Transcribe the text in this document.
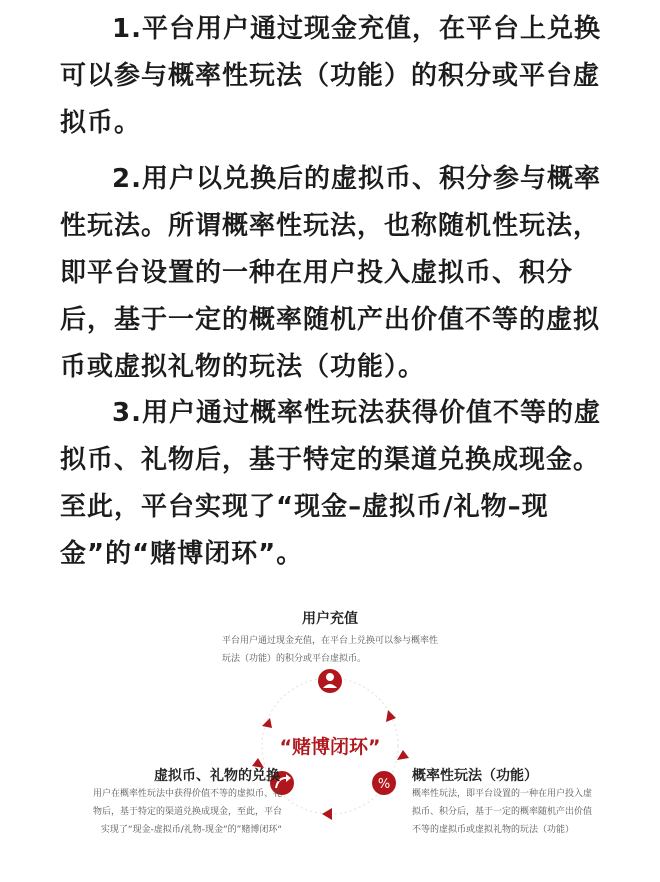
1.平台用户通过现金充值，在平台上兑换可以参与概率性玩法（功能）的积分或平台虚拟币。

2.用户以兑换后的虚拟币、积分参与概率性玩法。所谓概率性玩法，也称随机性玩法，即平台设置的一种在用户投入虚拟币、积分后，基于一定的概率随机产出价值不等的虚拟币或虚拟礼物的玩法（功能）。

3.用户通过概率性玩法获得价值不等的虚拟币、礼物后，基于特定的渠道兑换成现金。至此，平台实现了“现金–虚拟币/礼物–现金”的“赌博闭环”。

%
用户充值
平台用户通过现金充值，在平台上兑换可以参与概率性玩法（功能）的积分或平台虚拟币。
“赌博闭环”
虚拟币、礼物的兑换
用户在概率性玩法中获得价值不等的虚拟币、礼物后，基于特定的渠道兑换成现金，至此，平台实现了“现金-虚拟币/礼物-现金“的”赌博闭环“
概率性玩法（功能）
概率性玩法，即平台设置的一种在用户投入虚拟币、积分后，基于一定的概率随机产出价值不等的虚拟币或虚拟礼物的玩法（功能）
